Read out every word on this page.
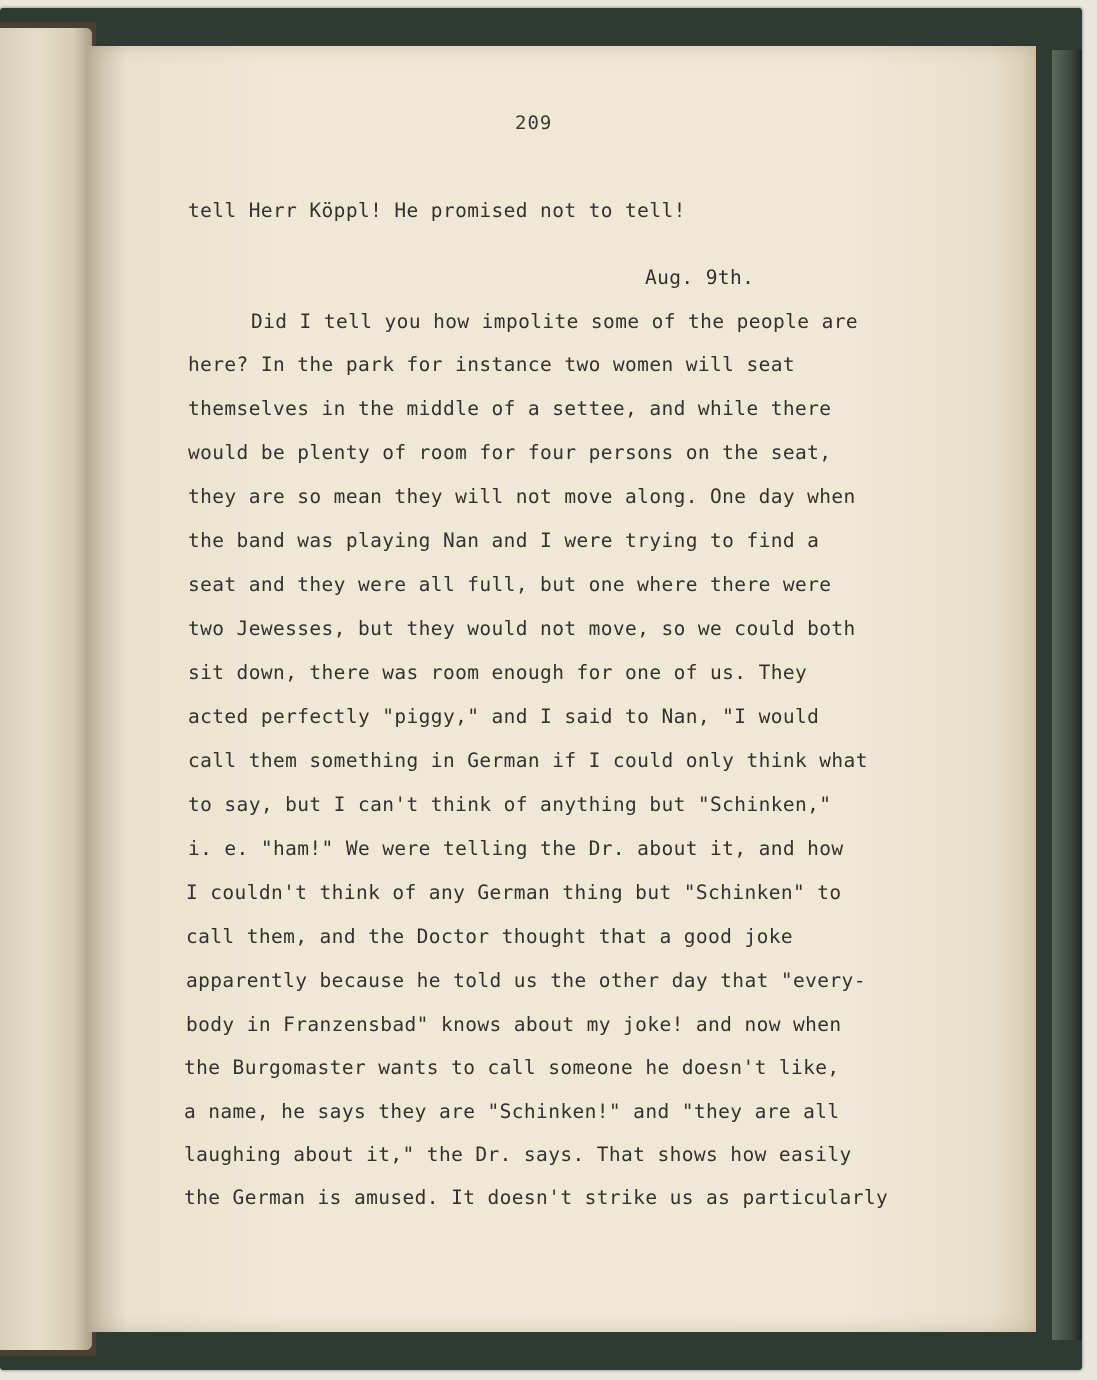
209
tell Herr Köppl! He promised not to tell!
Aug. 9th.
Did I tell you how impolite some of the people are
here? In the park for instance two women will seat
themselves in the middle of a settee, and while there
would be plenty of room for four persons on the seat,
they are so mean they will not move along. One day when
the band was playing Nan and I were trying to find a
seat and they were all full, but one where there were
two Jewesses, but they would not move, so we could both
sit down, there was room enough for one of us. They
acted perfectly "piggy," and I said to Nan, "I would
call them something in German if I could only think what
to say, but I can't think of anything but "Schinken,"
i. e. "ham!" We were telling the Dr. about it, and how
I couldn't think of any German thing but "Schinken" to
call them, and the Doctor thought that a good joke
apparently because he told us the other day that "every-
body in Franzensbad" knows about my joke! and now when
the Burgomaster wants to call someone he doesn't like,
a name, he says they are "Schinken!" and "they are all
laughing about it," the Dr. says. That shows how easily
the German is amused. It doesn't strike us as particularly
